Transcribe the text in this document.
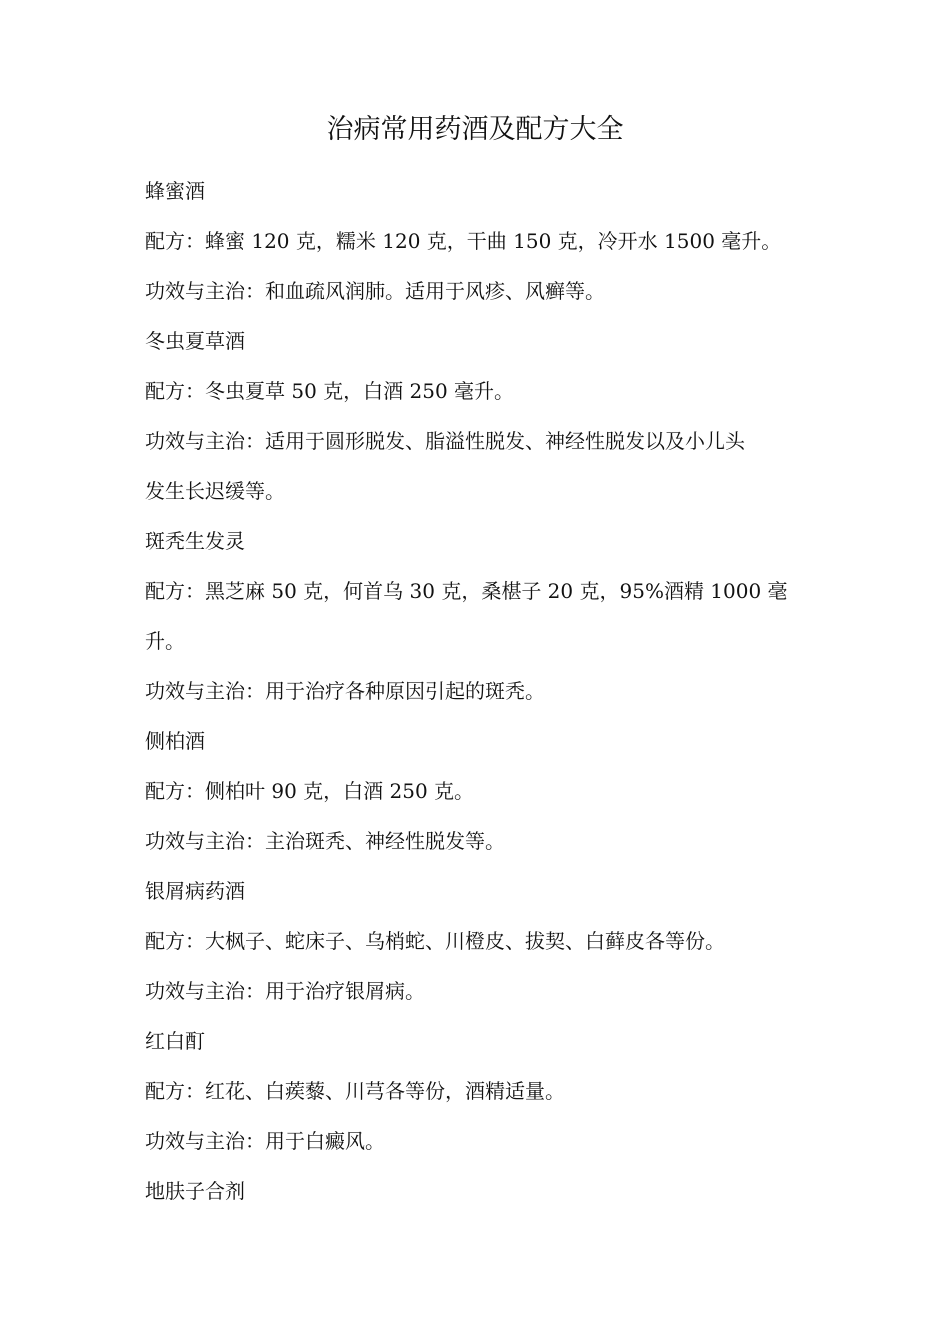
治病常用药酒及配方大全
蜂蜜酒
配方：蜂蜜 120 克，糯米 120 克，干曲 150 克，冷开水 1500 毫升。
功效与主治：和血疏风润肺。适用于风疹、风癣等。
冬虫夏草酒
配方：冬虫夏草 50 克，白酒 250 毫升。
功效与主治：适用于圆形脱发、脂溢性脱发、神经性脱发以及小儿头
发生长迟缓等。
斑秃生发灵
配方：黑芝麻 50 克，何首乌 30 克，桑椹子 20 克，95%酒精 1000 毫
升。
功效与主治：用于治疗各种原因引起的斑秃。
侧柏酒
配方：侧柏叶 90 克，白酒 250 克。
功效与主治：主治斑秃、神经性脱发等。
银屑病药酒
配方：大枫子、蛇床子、乌梢蛇、川橙皮、拔契、白藓皮各等份。
功效与主治：用于治疗银屑病。
红白酊
配方：红花、白蒺藜、川芎各等份，酒精适量。
功效与主治：用于白癜风。
地肤子合剂
